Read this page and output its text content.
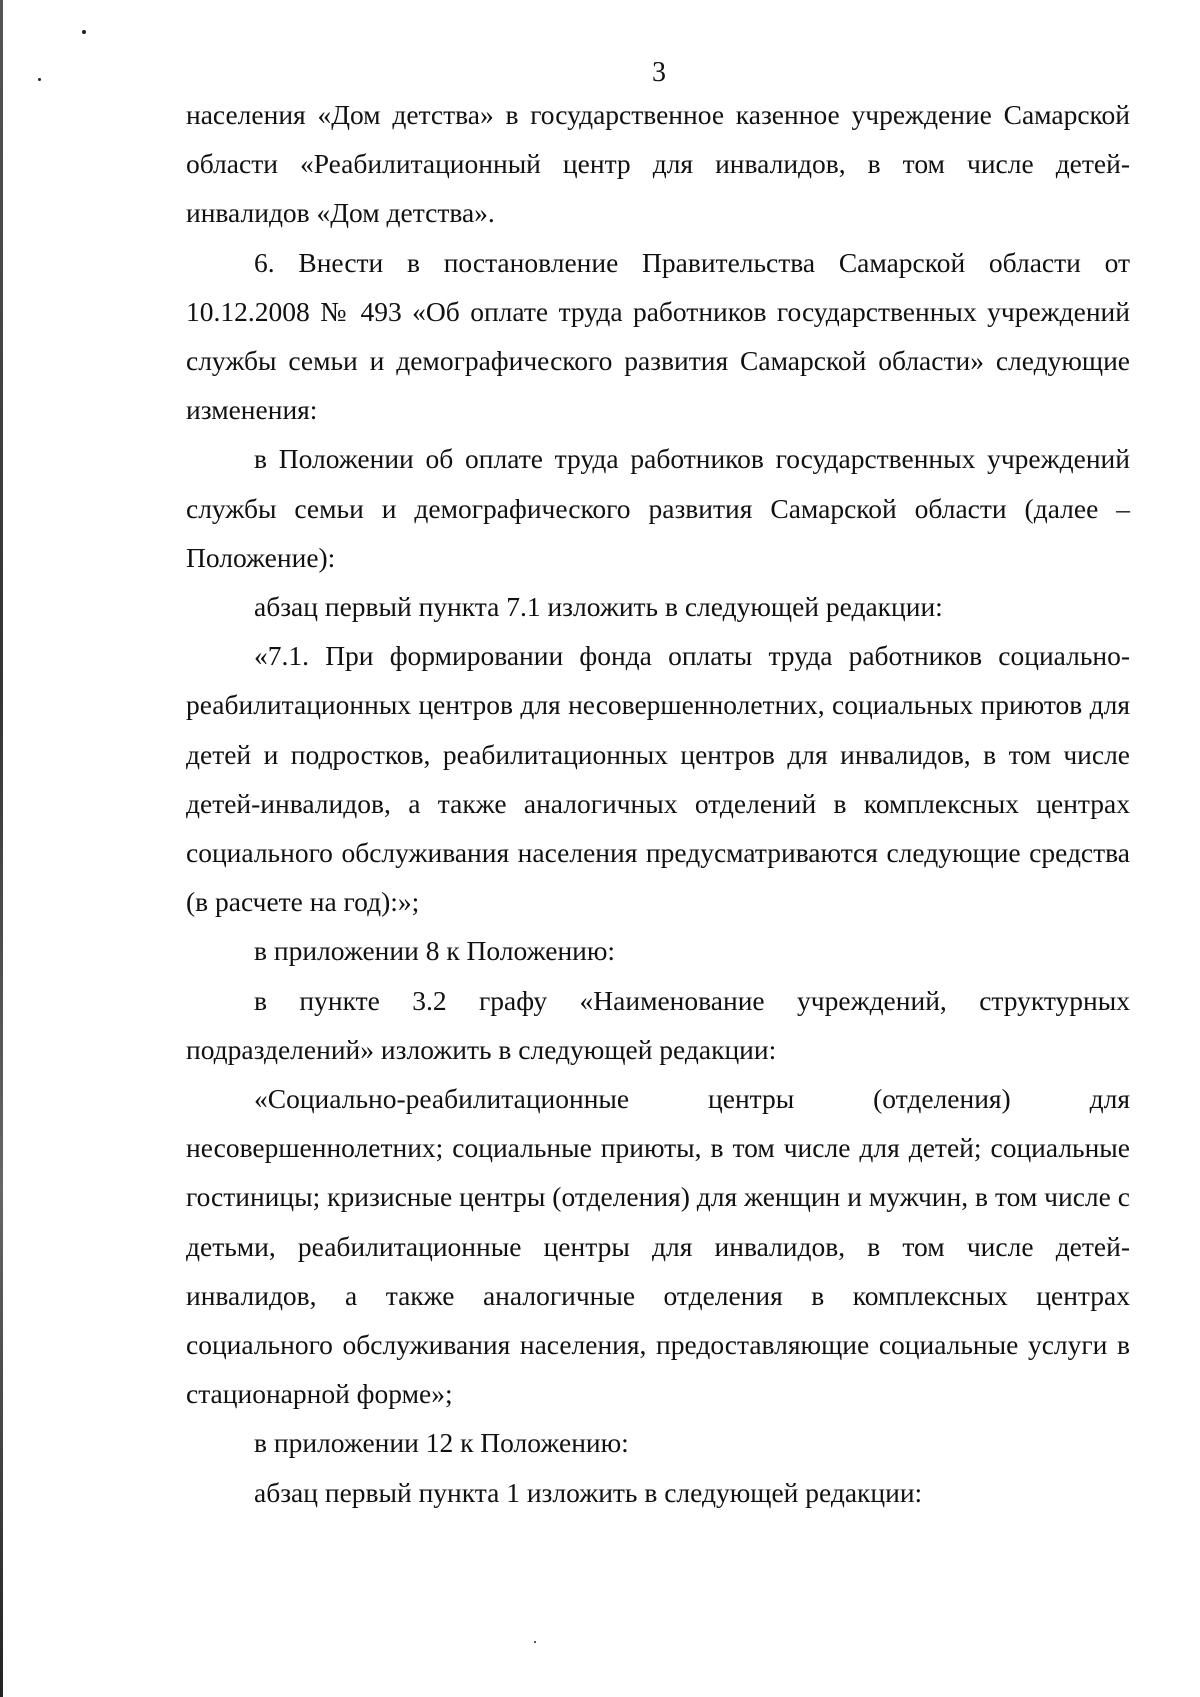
3

населения «Дом детства» в государственное казенное учреждение Самарской области «Реабилитационный центр для инвалидов, в том числе детей-инвалидов «Дом детства».

6. Внести в постановление Правительства Самарской области от 10.12.2008 № 493 «Об оплате труда работников государственных учреждений службы семьи и демографического развития Самарской области» следующие изменения:

в Положении об оплате труда работников государственных учреждений службы семьи и демографического развития Самарской области (далее – Положение):

абзац первый пункта 7.1 изложить в следующей редакции:

«7.1. При формировании фонда оплаты труда работников социально-реабилитационных центров для несовершеннолетних, социальных приютов для детей и подростков, реабилитационных центров для инвалидов, в том числе детей-инвалидов, а также аналогичных отделений в комплексных центрах социального обслуживания населения предусматриваются следующие средства (в расчете на год):»;

в приложении 8 к Положению:

в пункте 3.2 графу «Наименование учреждений, структурных подразделений» изложить в следующей редакции:

«Социально-реабилитационные центры (отделения) для несовершеннолетних; социальные приюты, в том числе для детей; социальные гостиницы; кризисные центры (отделения) для женщин и мужчин, в том числе с детьми, реабилитационные центры для инвалидов, в том числе детей-инвалидов, а также аналогичные отделения в комплексных центрах социального обслуживания населения, предоставляющие социальные услуги в стационарной форме»;

в приложении 12 к Положению:

абзац первый пункта 1 изложить в следующей редакции:
